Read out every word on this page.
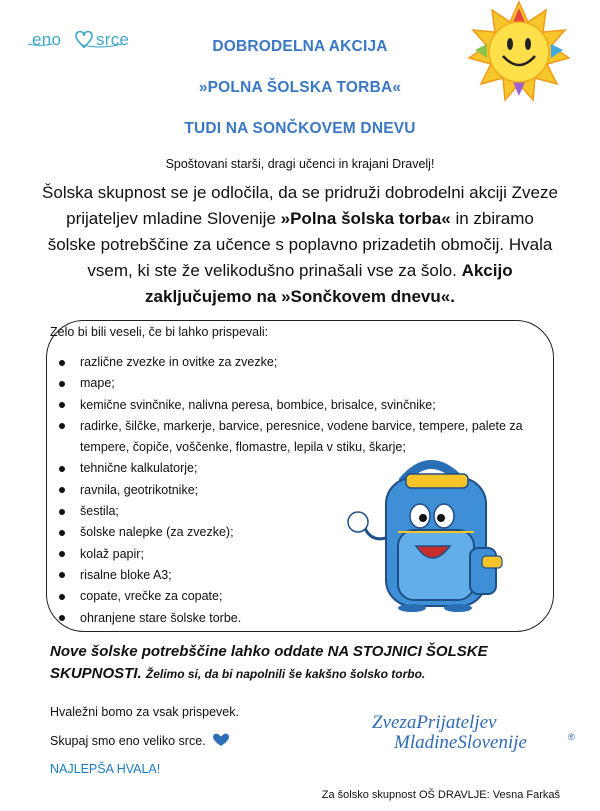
eno srce	DOBRODELNA AKCIJA
»POLNA ŠOLSKA TORBA«
TUDI NA SONČKOVEM DNEVU
Spoštovani starši, dragi učenci in krajani Dravelj!
Šolska skupnost se je odločila, da se pridruži dobrodelni akciji Zveze prijateljev mladine Slovenije »Polna šolska torba« in zbiramo šolske potrebščine za učence s poplavno prizadetih območij. Hvala vsem, ki ste že velikodušno prinašali vse za šolo. Akcijo zaključujemo na »Sončkovem dnevu«.
Zelo bi bili veseli, če bi lahko prispevali:
različne zvezke in ovitke za zvezke;
mape;
kemične svinčnike, nalivna peresa, bombice, brisalce, svinčnike;
radirke, šilčke, markerje, barvice, peresnice, vodene barvice, tempere, palete za tempere, čopiče, voščenke, flomastre, lepila v stiku, škarje;
tehnične kalkulatorje;
ravnila, geotrikotnike;
šestila;
šolske nalepke (za zvezke);
kolaž papir;
risalne bloke A3;
copate, vrečke za copate;
ohranjene stare šolske torbe.
Nove šolske potrebščine lahko oddate NA STOJNICI ŠOLSKE SKUPNOSTI. Želimo si, da bi napolnili še kakšno šolsko torbo.
Hvaležni bomo za vsak prispevek.
Skupaj smo eno veliko srce.
NAJLEPŠA HVALA!
ZvezaPrijateljev
MladineSlovenije	®
Za šolsko skupnost OŠ DRAVLJE: Vesna Farkaš
